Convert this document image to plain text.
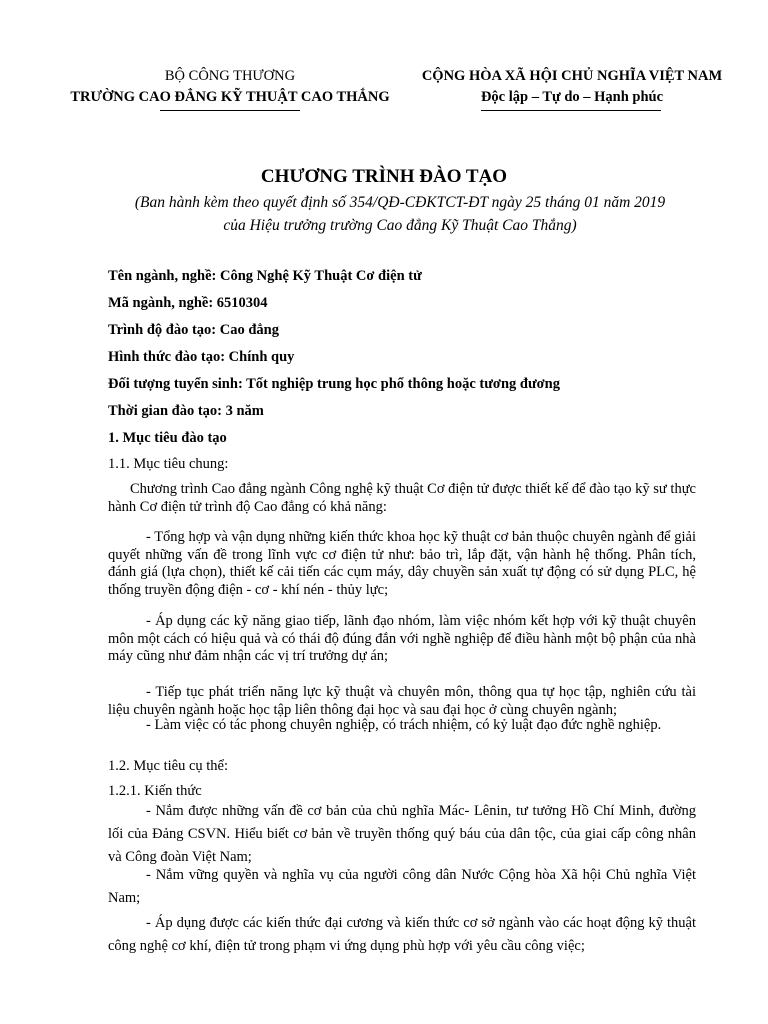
BỘ CÔNG THƯƠNG
TRƯỜNG CAO ĐẲNG KỸ THUẬT CAO THẮNG
CỘNG HÒA XÃ HỘI CHỦ NGHĨA VIỆT NAM
Độc lập – Tự do – Hạnh phúc
CHƯƠNG TRÌNH ĐÀO TẠO
(Ban hành kèm theo quyết định số 354/QĐ-CĐKTCT-ĐT ngày 25 tháng 01 năm 2019
của Hiệu trưởng trường Cao đẳng Kỹ Thuật Cao Thắng)
Tên ngành, nghề: Công Nghệ Kỹ Thuật Cơ điện tử
Mã ngành, nghề: 6510304
Trình độ đào tạo: Cao đẳng
Hình thức đào tạo: Chính quy
Đối tượng tuyển sinh: Tốt nghiệp trung học phổ thông hoặc tương đương
Thời gian đào tạo: 3 năm
1. Mục tiêu đào tạo
1.1. Mục tiêu chung:
Chương trình Cao đẳng ngành Công nghệ kỹ thuật Cơ điện tử được thiết kế để đào tạo kỹ sư thực hành Cơ điện tử trình độ Cao đẳng có khả năng:
- Tổng hợp và vận dụng những kiến thức khoa học kỹ thuật cơ bản thuộc chuyên ngành để giải quyết những vấn đề trong lĩnh vực cơ điện tử như: bảo trì, lắp đặt, vận hành hệ thống. Phân tích, đánh giá (lựa chọn), thiết kế cải tiến các cụm máy, dây chuyền sản xuất tự động có sử dụng PLC, hệ thống truyền động điện - cơ - khí nén - thủy lực;
- Áp dụng các kỹ năng giao tiếp, lãnh đạo nhóm, làm việc nhóm kết hợp với kỹ thuật chuyên môn một cách có hiệu quả và có thái độ đúng đắn với nghề nghiệp để điều hành một bộ phận của nhà máy cũng như đảm nhận các vị trí trưởng dự án;
- Tiếp tục phát triển năng lực kỹ thuật và chuyên môn, thông qua tự học tập, nghiên cứu tài liệu chuyên ngành hoặc học tập liên thông đại học và sau đại học ở cùng chuyên ngành;
- Làm việc có tác phong chuyên nghiệp, có trách nhiệm, có kỷ luật đạo đức nghề nghiệp.
1.2. Mục tiêu cụ thể:
1.2.1. Kiến thức
- Nắm được những vấn đề cơ bản của chủ nghĩa Mác- Lênin, tư tưởng Hồ Chí Minh, đường lối của Đảng CSVN. Hiểu biết cơ bản về truyền thống quý báu của dân tộc, của giai cấp công nhân và Công đoàn Việt Nam;
- Nắm vững quyền và nghĩa vụ của người công dân Nước Cộng hòa Xã hội Chủ nghĩa Việt Nam;
- Áp dụng được các kiến thức đại cương và kiến thức cơ sở ngành vào các hoạt động kỹ thuật công nghệ cơ khí, điện tử trong phạm vi ứng dụng phù hợp với yêu cầu công việc;
